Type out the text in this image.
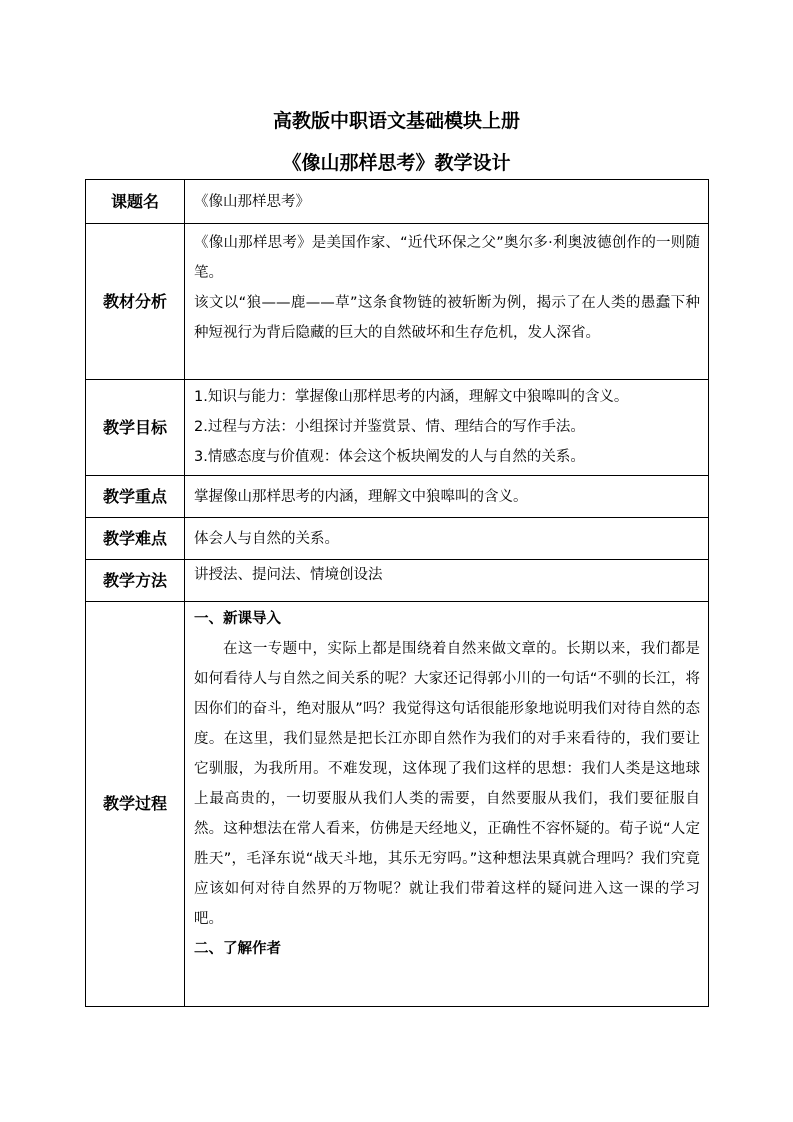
高教版中职语文基础模块上册
《像山那样思考》教学设计
课题名	《像山那样思考》
教材分析	《像山那样思考》是美国作家、“近代环保之父”奥尔多·利奥波德创作的一则随笔。

该文以“狼——鹿——草”这条食物链的被斩断为例，揭示了在人类的愚蠢下种种短视行为背后隐藏的巨大的自然破坏和生存危机，发人深省。

教学目标	1.知识与能力：掌握像山那样思考的内涵，理解文中狼嗥叫的含义。

2.过程与方法：小组探讨并鉴赏景、情、理结合的写作手法。

3.情感态度与价值观：体会这个板块阐发的人与自然的关系。

教学重点	掌握像山那样思考的内涵，理解文中狼嗥叫的含义。
教学难点	体会人与自然的关系。
教学方法	讲授法、提问法、情境创设法
教学过程	一、新课导入

在这一专题中，实际上都是围绕着自然来做文章的。长期以来，我们都是如何看待人与自然之间关系的呢？大家还记得郭小川的一句话“不驯的长江，将因你们的奋斗，绝对服从”吗？我觉得这句话很能形象地说明我们对待自然的态度。在这里，我们显然是把长江亦即自然作为我们的对手来看待的，我们要让它驯服，为我所用。不难发现，这体现了我们这样的思想：我们人类是这地球上最高贵的，一切要服从我们人类的需要，自然要服从我们，我们要征服自然。这种想法在常人看来，仿佛是天经地义，正确性不容怀疑的。荀子说“人定胜天”，毛泽东说“战天斗地，其乐无穷吗。”这种想法果真就合理吗？我们究竟应该如何对待自然界的万物呢？就让我们带着这样的疑问进入这一课的学习吧。

二、了解作者
